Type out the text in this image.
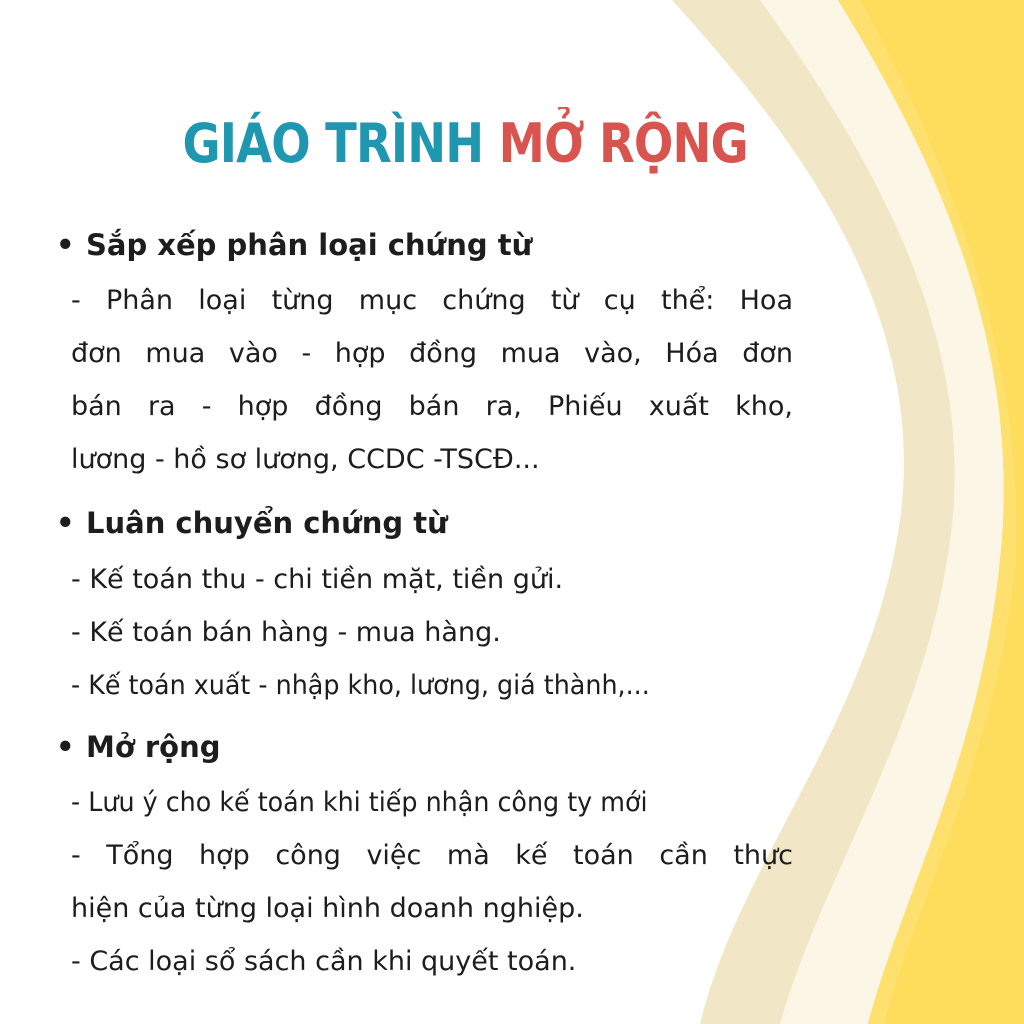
GIÁO TRÌNH MỞ RỘNG
• Sắp xếp phân loại chứng từ
- Phân loại từng mục chứng từ cụ thể: Hoa
đơn mua vào - hợp đồng mua vào, Hóa đơn
bán ra - hợp đồng bán ra, Phiếu xuất kho,
lương - hồ sơ lương, CCDC -TSCĐ...
• Luân chuyển chứng từ
- Kế toán thu - chi tiền mặt, tiền gửi.
- Kế toán bán hàng - mua hàng.
- Kế toán xuất - nhập kho, lương, giá thành,...
• Mở rộng
- Lưu ý cho kế toán khi tiếp nhận công ty mới
- Tổng hợp công việc mà kế toán cần thực
hiện của từng loại hình doanh nghiệp.
- Các loại sổ sách cần khi quyết toán.
